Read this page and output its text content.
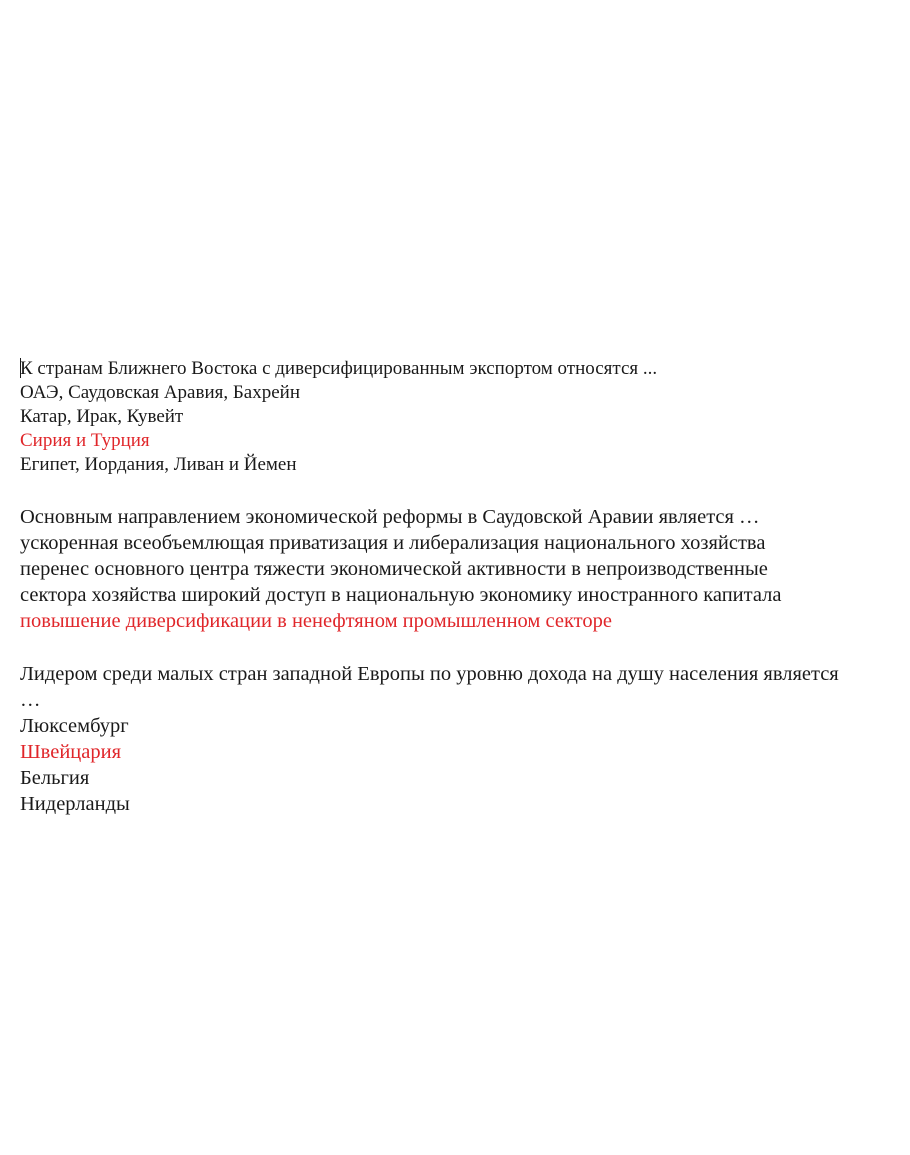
К странам Ближнего Востока с диверсифицированным экспортом относятся ...
ОАЭ, Саудовская Аравия, Бахрейн
Катар, Ирак, Кувейт
Сирия и Турция
Египет, Иордания, Ливан и Йемен
Основным направлением экономической реформы в Саудовской Аравии является …
ускоренная всеобъемлющая приватизация и либерализация национального хозяйства
перенес основного центра тяжести экономической активности в непроизводственные
сектора хозяйства широкий доступ в национальную экономику иностранного капитала
повышение диверсификации в ненефтяном промышленном секторе
Лидером среди малых стран западной Европы по уровню дохода на душу населения является …
Люксембург
Швейцария
Бельгия
Нидерланды
